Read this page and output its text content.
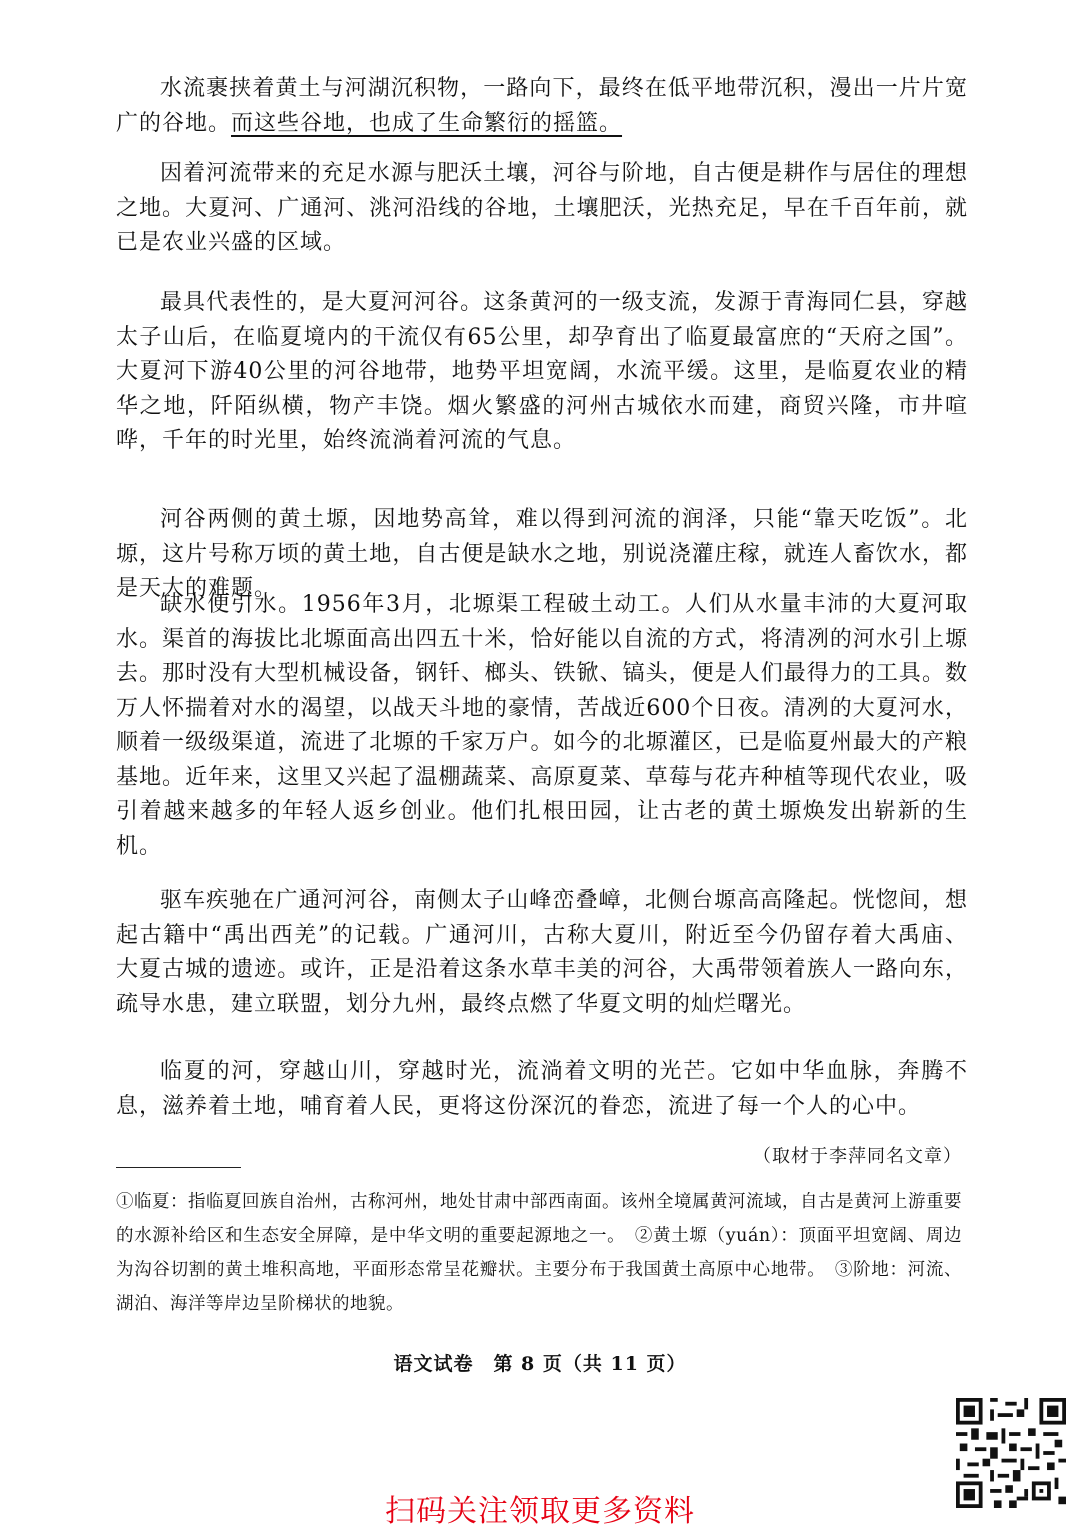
水流裹挟着黄土与河湖沉积物，一路向下，最终在低平地带沉积，漫出一片片宽广的谷地。而这些谷地，也成了生命繁衍的摇篮。

因着河流带来的充足水源与肥沃土壤，河谷与阶地，自古便是耕作与居住的理想之地。大夏河、广通河、洮河沿线的谷地，土壤肥沃，光热充足，早在千百年前，就已是农业兴盛的区域。

最具代表性的，是大夏河河谷。这条黄河的一级支流，发源于青海同仁县，穿越太子山后，在临夏境内的干流仅有65公里，却孕育出了临夏最富庶的“天府之国”。大夏河下游40公里的河谷地带，地势平坦宽阔，水流平缓。这里，是临夏农业的精华之地，阡陌纵横，物产丰饶。烟火繁盛的河州古城依水而建，商贸兴隆，市井喧哗，千年的时光里，始终流淌着河流的气息。

河谷两侧的黄土塬，因地势高耸，难以得到河流的润泽，只能“靠天吃饭”。北塬，这片号称万顷的黄土地，自古便是缺水之地，别说浇灌庄稼，就连人畜饮水，都是天大的难题。

缺水便引水。1956年3月，北塬渠工程破土动工。人们从水量丰沛的大夏河取水。渠首的海拔比北塬面高出四五十米，恰好能以自流的方式，将清冽的河水引上塬去。那时没有大型机械设备，钢钎、榔头、铁锨、镐头，便是人们最得力的工具。数万人怀揣着对水的渴望，以战天斗地的豪情，苦战近600个日夜。清冽的大夏河水，顺着一级级渠道，流进了北塬的千家万户。如今的北塬灌区，已是临夏州最大的产粮基地。近年来，这里又兴起了温棚蔬菜、高原夏菜、草莓与花卉种植等现代农业，吸引着越来越多的年轻人返乡创业。他们扎根田园，让古老的黄土塬焕发出崭新的生机。

驱车疾驰在广通河河谷，南侧太子山峰峦叠嶂，北侧台塬高高隆起。恍惚间，想起古籍中“禹出西羌”的记载。广通河川，古称大夏川，附近至今仍留存着大禹庙、大夏古城的遗迹。或许，正是沿着这条水草丰美的河谷，大禹带领着族人一路向东，疏导水患，建立联盟，划分九州，最终点燃了华夏文明的灿烂曙光。

临夏的河，穿越山川，穿越时光，流淌着文明的光芒。它如中华血脉，奔腾不息，滋养着土地，哺育着人民，更将这份深沉的眷恋，流进了每一个人的心中。

（取材于李萍同名文章）

①临夏：指临夏回族自治州，古称河州，地处甘肃中部西南面。该州全境属黄河流域，自古是黄河上游重要的水源补给区和生态安全屏障，是中华文明的重要起源地之一。　 ②黄土塬（yuán）：顶面平坦宽阔、周边为沟谷切割的黄土堆积高地，平面形态常呈花瓣状。主要分布于我国黄土高原中心地带。　 ③阶地：河流、湖泊、海洋等岸边呈阶梯状的地貌。

语文试卷　第 8 页（共 11 页）
扫码关注领取更多资料
